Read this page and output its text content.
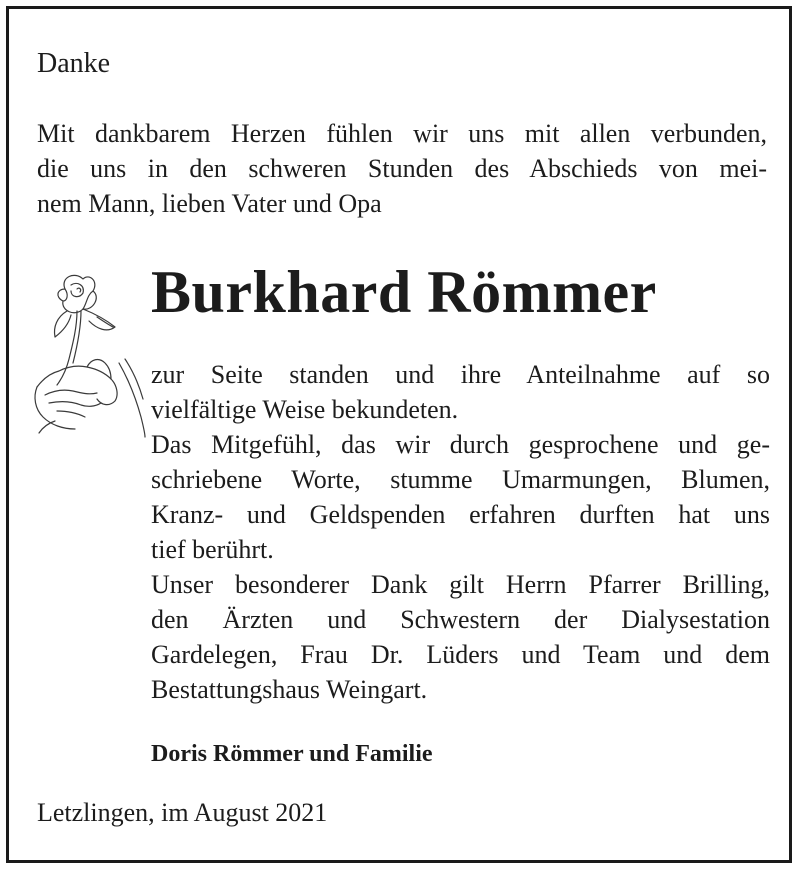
Danke

Mit dankbarem Herzen fühlen wir uns mit allen verbunden,
die uns in den schweren Stunden des Abschieds von mei-
nem Mann, lieben Vater und Opa

Burkhard Römmer

zur Seite standen und ihre Anteilnahme auf so
vielfältige Weise bekundeten.
Das Mitgefühl, das wir durch gesprochene und ge-
schriebene Worte, stumme Umarmungen, Blumen,
Kranz- und Geldspenden erfahren durften hat uns
tief berührt.
Unser besonderer Dank gilt Herrn Pfarrer Brilling,
den Ärzten und Schwestern der Dialysestation
Gardelegen, Frau Dr. Lüders und Team und dem
Bestattungshaus Weingart.

Doris Römmer und Familie

Letzlingen, im August 2021
